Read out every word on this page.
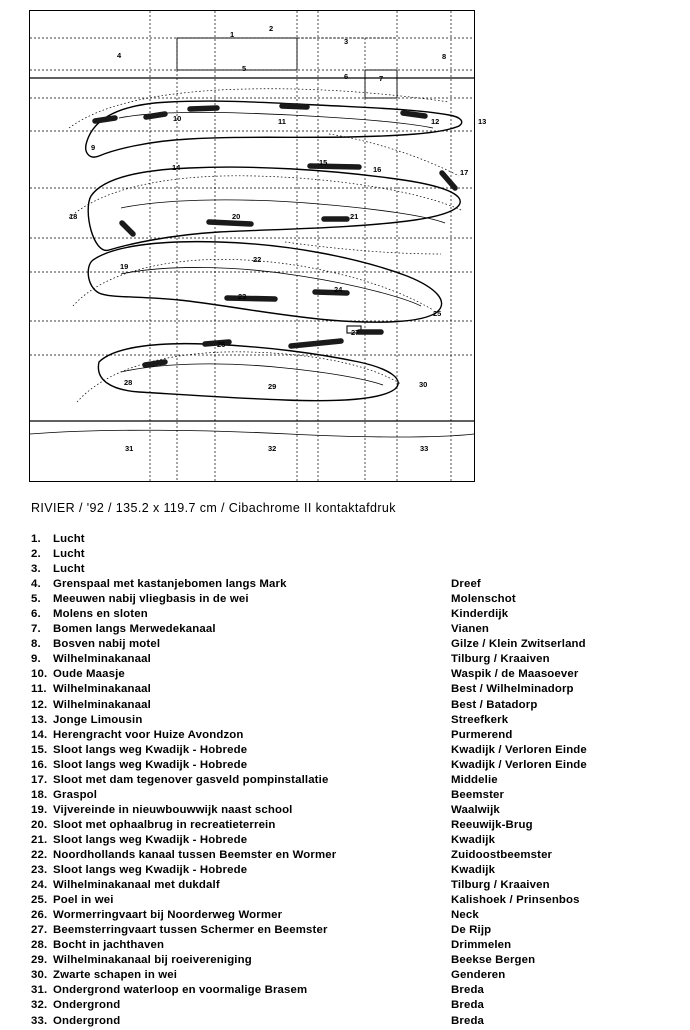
1
2
3
4
5
6	7
8
9
10	11	12	13
14
15
16	17
18
19
20	21
22
23
24
25
26
27
28	29	30
31	32	33
RIVIER / '92 / 135.2 x 119.7 cm / Cibachrome II kontaktafdruk
1.	Lucht
2.	Lucht
3.	Lucht
4.	Grenspaal met kastanjebomen langs Mark	Dreef
5.	Meeuwen nabij vliegbasis in de wei	Molenschot
6.	Molens en sloten	Kinderdijk
7.	Bomen langs Merwedekanaal	Vianen
8.	Bosven nabij motel	Gilze / Klein Zwitserland
9.	Wilhelminakanaal	Tilburg / Kraaiven
10. Oude Maasje	Waspik / de Maasoever
11. Wilhelminakanaal	Best / Wilhelminadorp
12. Wilhelminakanaal	Best / Batadorp
13. Jonge Limousin	Streefkerk
14. Herengracht voor Huize Avondzon	Purmerend
15. Sloot langs weg Kwadijk - Hobrede	Kwadijk / Verloren Einde
16. Sloot langs weg Kwadijk - Hobrede	Kwadijk / Verloren Einde
17. Sloot met dam tegenover gasveld pompinstallatie	Middelie
18. Graspol	Beemster
19. Vijvereinde in nieuwbouwwijk naast school	Waalwijk
20. Sloot met ophaalbrug in recreatieterrein	Reeuwijk-Brug
21. Sloot langs weg Kwadijk - Hobrede	Kwadijk
22. Noordhollands kanaal tussen Beemster en Wormer	Zuidoostbeemster
23. Sloot langs weg Kwadijk - Hobrede	Kwadijk
24. Wilhelminakanaal met dukdalf	Tilburg / Kraaiven
25. Poel in wei	Kalishoek / Prinsenbos
26. Wormerringvaart bij Noorderweg Wormer	Neck
27. Beemsterringvaart tussen Schermer en Beemster	De Rijp
28. Bocht in jachthaven	Drimmelen
29. Wilhelminakanaal bij roeivereniging	Beekse Bergen
30. Zwarte schapen in wei	Genderen
31. Ondergrond waterloop en voormalige Brasem	Breda
32. Ondergrond	Breda
33. Ondergrond	Breda
